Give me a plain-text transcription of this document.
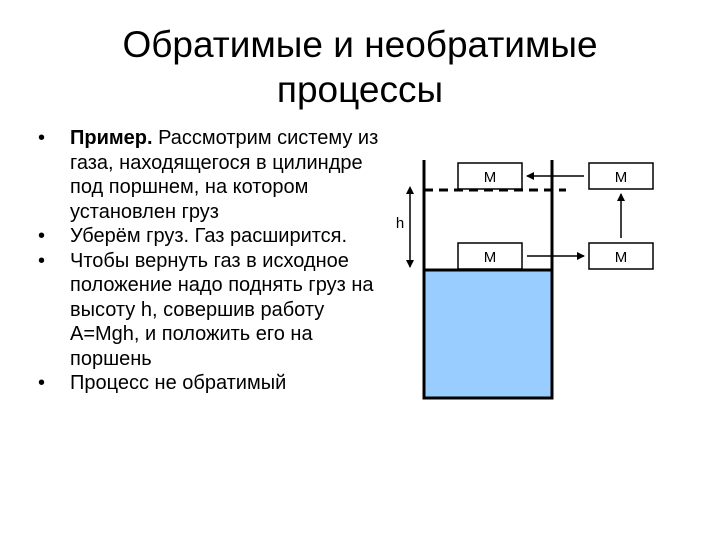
Обратимые и необратимые
процессы
• Пример. Рассмотрим систему из газа, находящегося в цилиндре под поршнем, на котором установлен груз
• Уберём груз. Газ расширится.
• Чтобы вернуть газ в исходное положение надо поднять груз на высоту h, совершив работу A=Mgh, и положить его на поршень
• Процесс не обратимый
h
M
M
M
M
